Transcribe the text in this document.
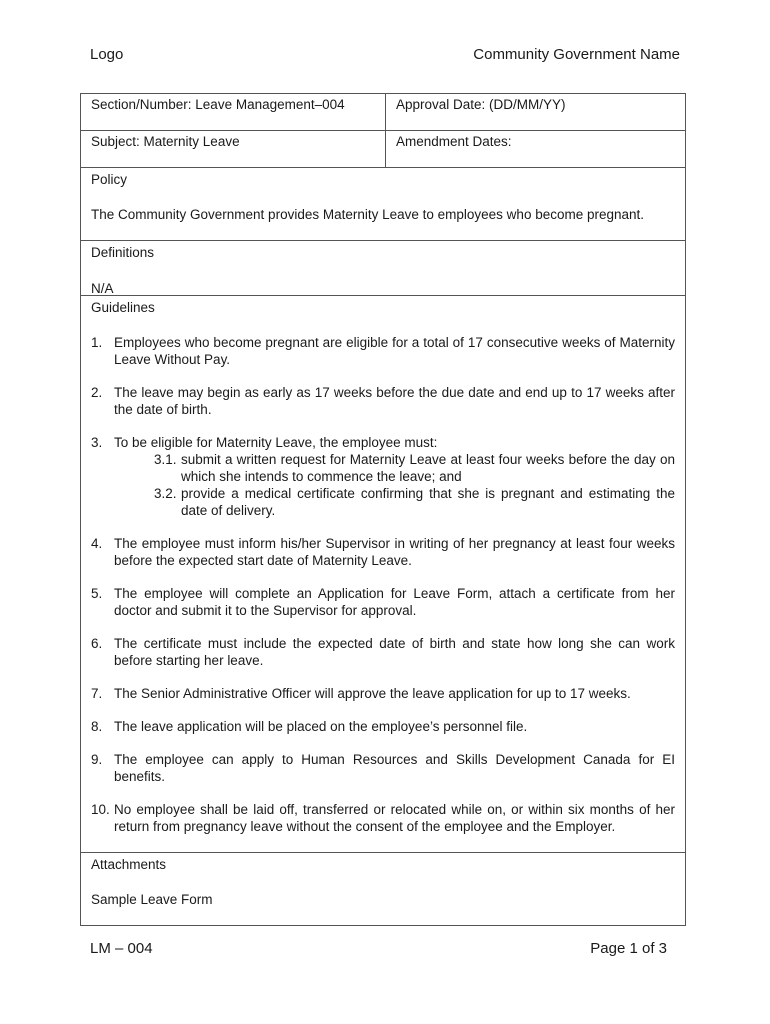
Logo	Community Government Name
Section/Number: Leave Management–004	Approval Date: (DD/MM/YY)
Subject: Maternity Leave	Amendment Dates:
Policy
The Community Government provides Maternity Leave to employees who become pregnant.
Definitions
N/A
Guidelines
1. Employees who become pregnant are eligible for a total of 17 consecutive weeks of Maternity Leave Without Pay.
2. The leave may begin as early as 17 weeks before the due date and end up to 17 weeks after the date of birth.
3. To be eligible for Maternity Leave, the employee must:
3.1. submit a written request for Maternity Leave at least four weeks before the day on which she intends to commence the leave; and
3.2. provide a medical certificate confirming that she is pregnant and estimating the date of delivery.
4. The employee must inform his/her Supervisor in writing of her pregnancy at least four weeks before the expected start date of Maternity Leave.
5. The employee will complete an Application for Leave Form, attach a certificate from her doctor and submit it to the Supervisor for approval.
6. The certificate must include the expected date of birth and state how long she can work before starting her leave.
7. The Senior Administrative Officer will approve the leave application for up to 17 weeks.
8. The leave application will be placed on the employee’s personnel file.
9. The employee can apply to Human Resources and Skills Development Canada for EI benefits.
10. No employee shall be laid off, transferred or relocated while on, or within six months of her return from pregnancy leave without the consent of the employee and the Employer.
Attachments
Sample Leave Form
LM – 004	Page 1 of 3
